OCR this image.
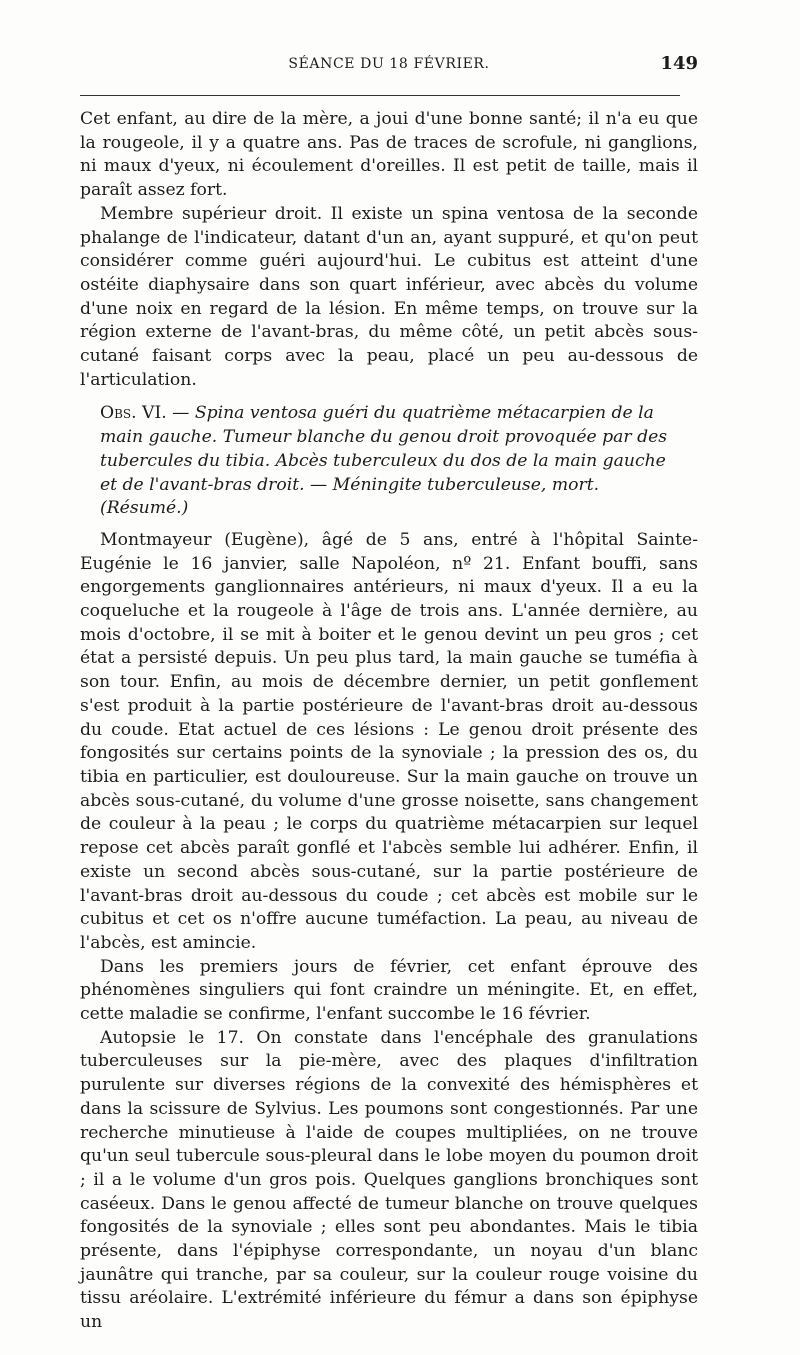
SÉANCE DU 18 FÉVRIER.	149

Cet enfant, au dire de la mère, a joui d'une bonne santé; il n'a eu que la rougeole, il y a quatre ans. Pas de traces de scrofule, ni ganglions, ni maux d'yeux, ni écoulement d'oreilles. Il est petit de taille, mais il paraît assez fort.

Membre supérieur droit. Il existe un spina ventosa de la seconde phalange de l'indicateur, datant d'un an, ayant suppuré, et qu'on peut considérer comme guéri aujourd'hui. Le cubitus est atteint d'une ostéite diaphysaire dans son quart inférieur, avec abcès du volume d'une noix en regard de la lésion. En même temps, on trouve sur la région externe de l'avant-bras, du même côté, un petit abcès sous-cutané faisant corps avec la peau, placé un peu au-dessous de l'articulation.

Obs. VI. — Spina ventosa guéri du quatrième métacarpien de la main gauche. Tumeur blanche du genou droit provoquée par des tubercules du tibia. Abcès tuberculeux du dos de la main gauche et de l'avant-bras droit. — Méningite tuberculeuse, mort. (Résumé.)

Montmayeur (Eugène), âgé de 5 ans, entré à l'hôpital Sainte-Eugénie le 16 janvier, salle Napoléon, nº 21. Enfant bouffi, sans engorgements ganglionnaires antérieurs, ni maux d'yeux. Il a eu la coqueluche et la rougeole à l'âge de trois ans. L'année dernière, au mois d'octobre, il se mit à boiter et le genou devint un peu gros ; cet état a persisté depuis. Un peu plus tard, la main gauche se tuméfia à son tour. Enfin, au mois de décembre dernier, un petit gonflement s'est produit à la partie postérieure de l'avant-bras droit au-dessous du coude. Etat actuel de ces lésions : Le genou droit présente des fongosités sur certains points de la synoviale ; la pression des os, du tibia en particulier, est douloureuse. Sur la main gauche on trouve un abcès sous-cutané, du volume d'une grosse noisette, sans changement de couleur à la peau ; le corps du quatrième métacarpien sur lequel repose cet abcès paraît gonflé et l'abcès semble lui adhérer. Enfin, il existe un second abcès sous-cutané, sur la partie postérieure de l'avant-bras droit au-dessous du coude ; cet abcès est mobile sur le cubitus et cet os n'offre aucune tuméfaction. La peau, au niveau de l'abcès, est amincie.

Dans les premiers jours de février, cet enfant éprouve des phénomènes singuliers qui font craindre un méningite. Et, en effet, cette maladie se confirme, l'enfant succombe le 16 février.

Autopsie le 17. On constate dans l'encéphale des granulations tuberculeuses sur la pie-mère, avec des plaques d'infiltration purulente sur diverses régions de la convexité des hémisphères et dans la scissure de Sylvius. Les poumons sont congestionnés. Par une recherche minutieuse à l'aide de coupes multipliées, on ne trouve qu'un seul tubercule sous-pleural dans le lobe moyen du poumon droit ; il a le volume d'un gros pois. Quelques ganglions bronchiques sont caséeux. Dans le genou affecté de tumeur blanche on trouve quelques fongosités de la synoviale ; elles sont peu abondantes. Mais le tibia présente, dans l'épiphyse correspondante, un noyau d'un blanc jaunâtre qui tranche, par sa couleur, sur la couleur rouge voisine du tissu aréolaire. L'extrémité inférieure du fémur a dans son épiphyse un
